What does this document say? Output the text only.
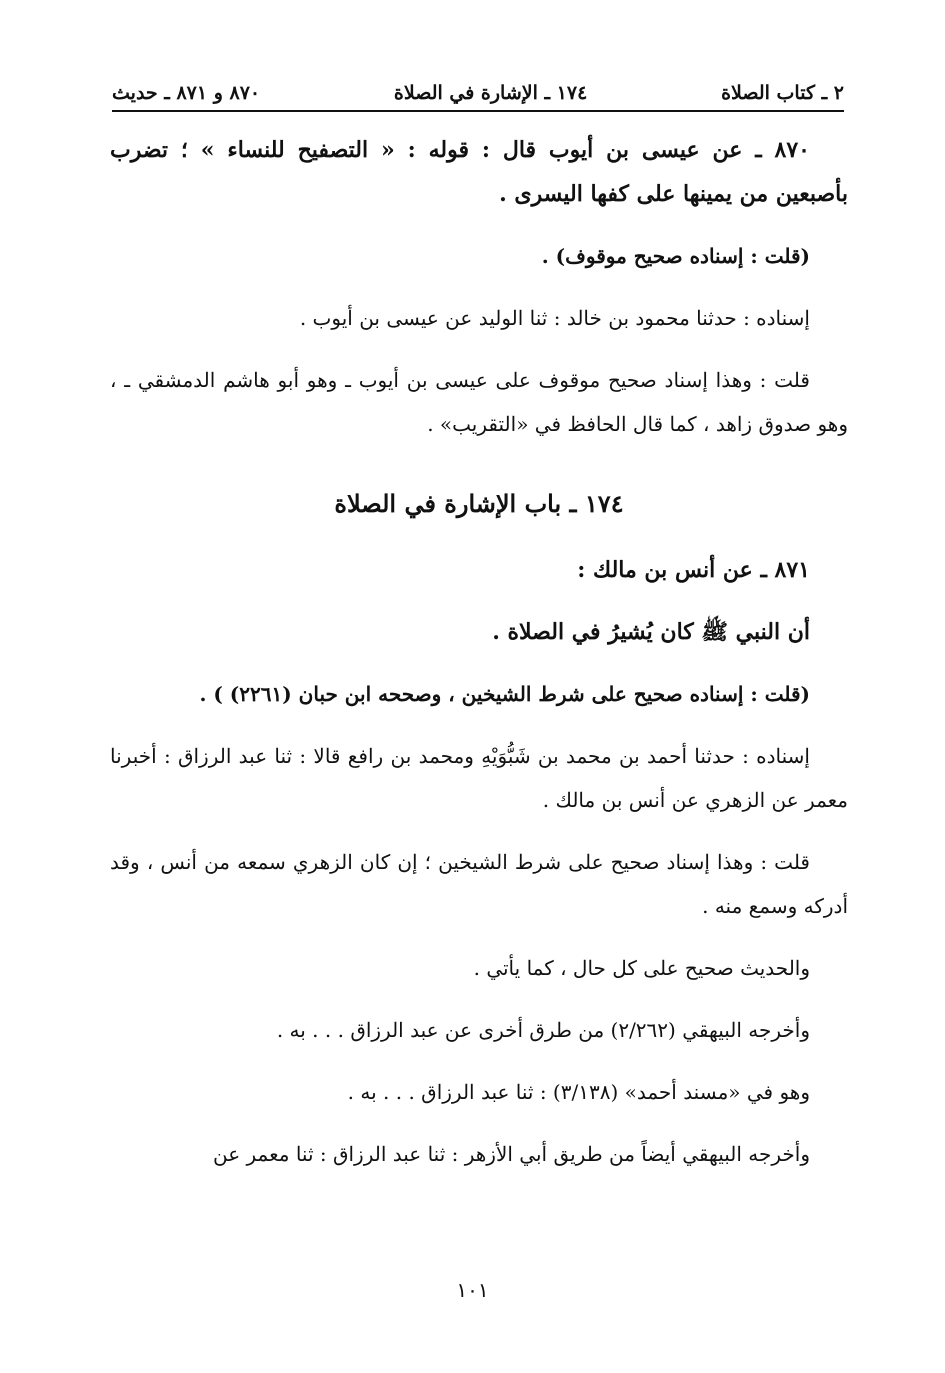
٢ ـ كتاب الصلاة
١٧٤ ـ الإشارة في الصلاة
٨٧٠ و ٨٧١ ـ حديث

٨٧٠ ـ عن عيسى بن أيوب قال : قوله : « التصفيح للنساء » ؛ تضرب بأصبعين من يمينها على كفها اليسرى .

(قلت : إسناده صحيح موقوف) .

إسناده : حدثنا محمود بن خالد : ثنا الوليد عن عيسى بن أيوب .

قلت : وهذا إسناد صحيح موقوف على عيسى بن أيوب ـ وهو أبو هاشم الدمشقي ـ ، وهو صدوق زاهد ، كما قال الحافظ في «التقريب» .

١٧٤ ـ باب الإشارة في الصلاة

٨٧١ ـ عن أنس بن مالك :

أن النبي ﷺ كان يُشيرُ في الصلاة .

(قلت : إسناده صحيح على شرط الشيخين ، وصححه ابن حبان (٢٢٦١) ) .

إسناده : حدثنا أحمد بن محمد بن شَبُّوَيْهِ ومحمد بن رافع قالا : ثنا عبد الرزاق : أخبرنا معمر عن الزهري عن أنس بن مالك .

قلت : وهذا إسناد صحيح على شرط الشيخين ؛ إن كان الزهري سمعه من أنس ، وقد أدركه وسمع منه .

والحديث صحيح على كل حال ، كما يأتي .

وأخرجه البيهقي (٢/٢٦٢) من طرق أخرى عن عبد الرزاق . . . به .

وهو في «مسند أحمد» (٣/١٣٨) : ثنا عبد الرزاق . . . به .

وأخرجه البيهقي أيضاً من طريق أبي الأزهر : ثنا عبد الرزاق : ثنا معمر عن

١٠١
